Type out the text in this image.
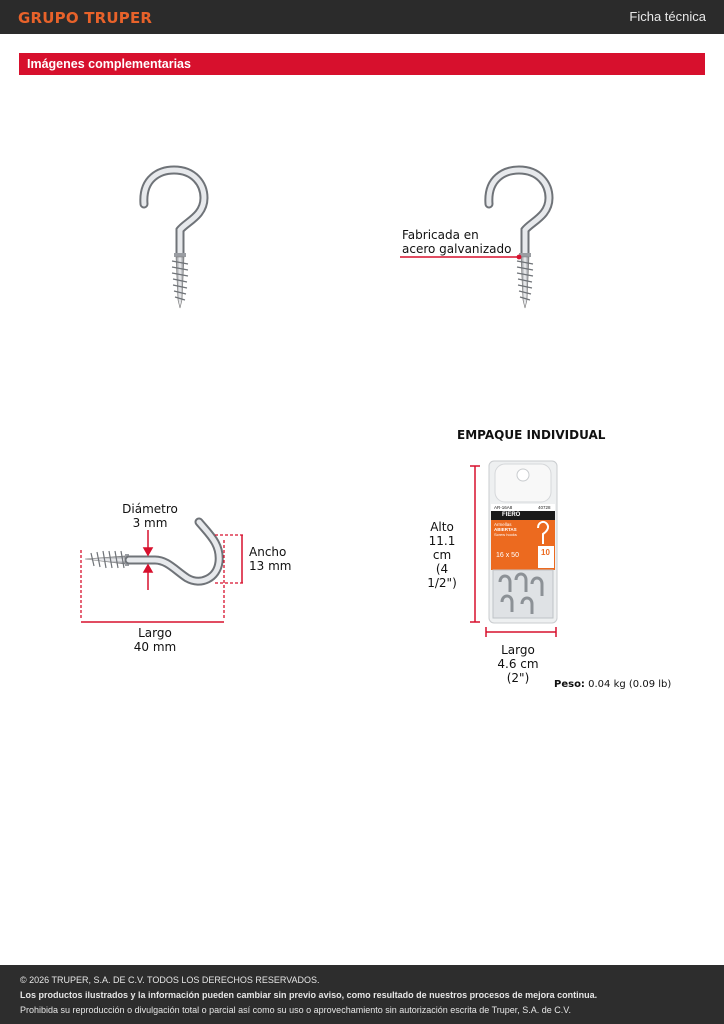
GRUPO TRUPER	Ficha técnica
Imágenes complementarias
Fabricada en
acero galvanizado
Diámetro
3 mm
Ancho
13 mm
Largo
40 mm
EMPAQUE INDIVIDUAL
AR-16A8	40728
FIERO
Armellas
ABIERTAS
Screw hooks
16 x 50	10
Alto
11.1 cm
(4 1/2")
Largo
4.6 cm
(2")	Peso: 0.04 kg (0.09 lb)
© 2026 TRUPER, S.A. DE C.V. TODOS LOS DERECHOS RESERVADOS.
Los productos ilustrados y la información pueden cambiar sin previo aviso, como resultado de nuestros procesos de mejora continua.
Prohibida su reproducción o divulgación total o parcial así como su uso o aprovechamiento sin autorización escrita de Truper, S.A. de C.V.
